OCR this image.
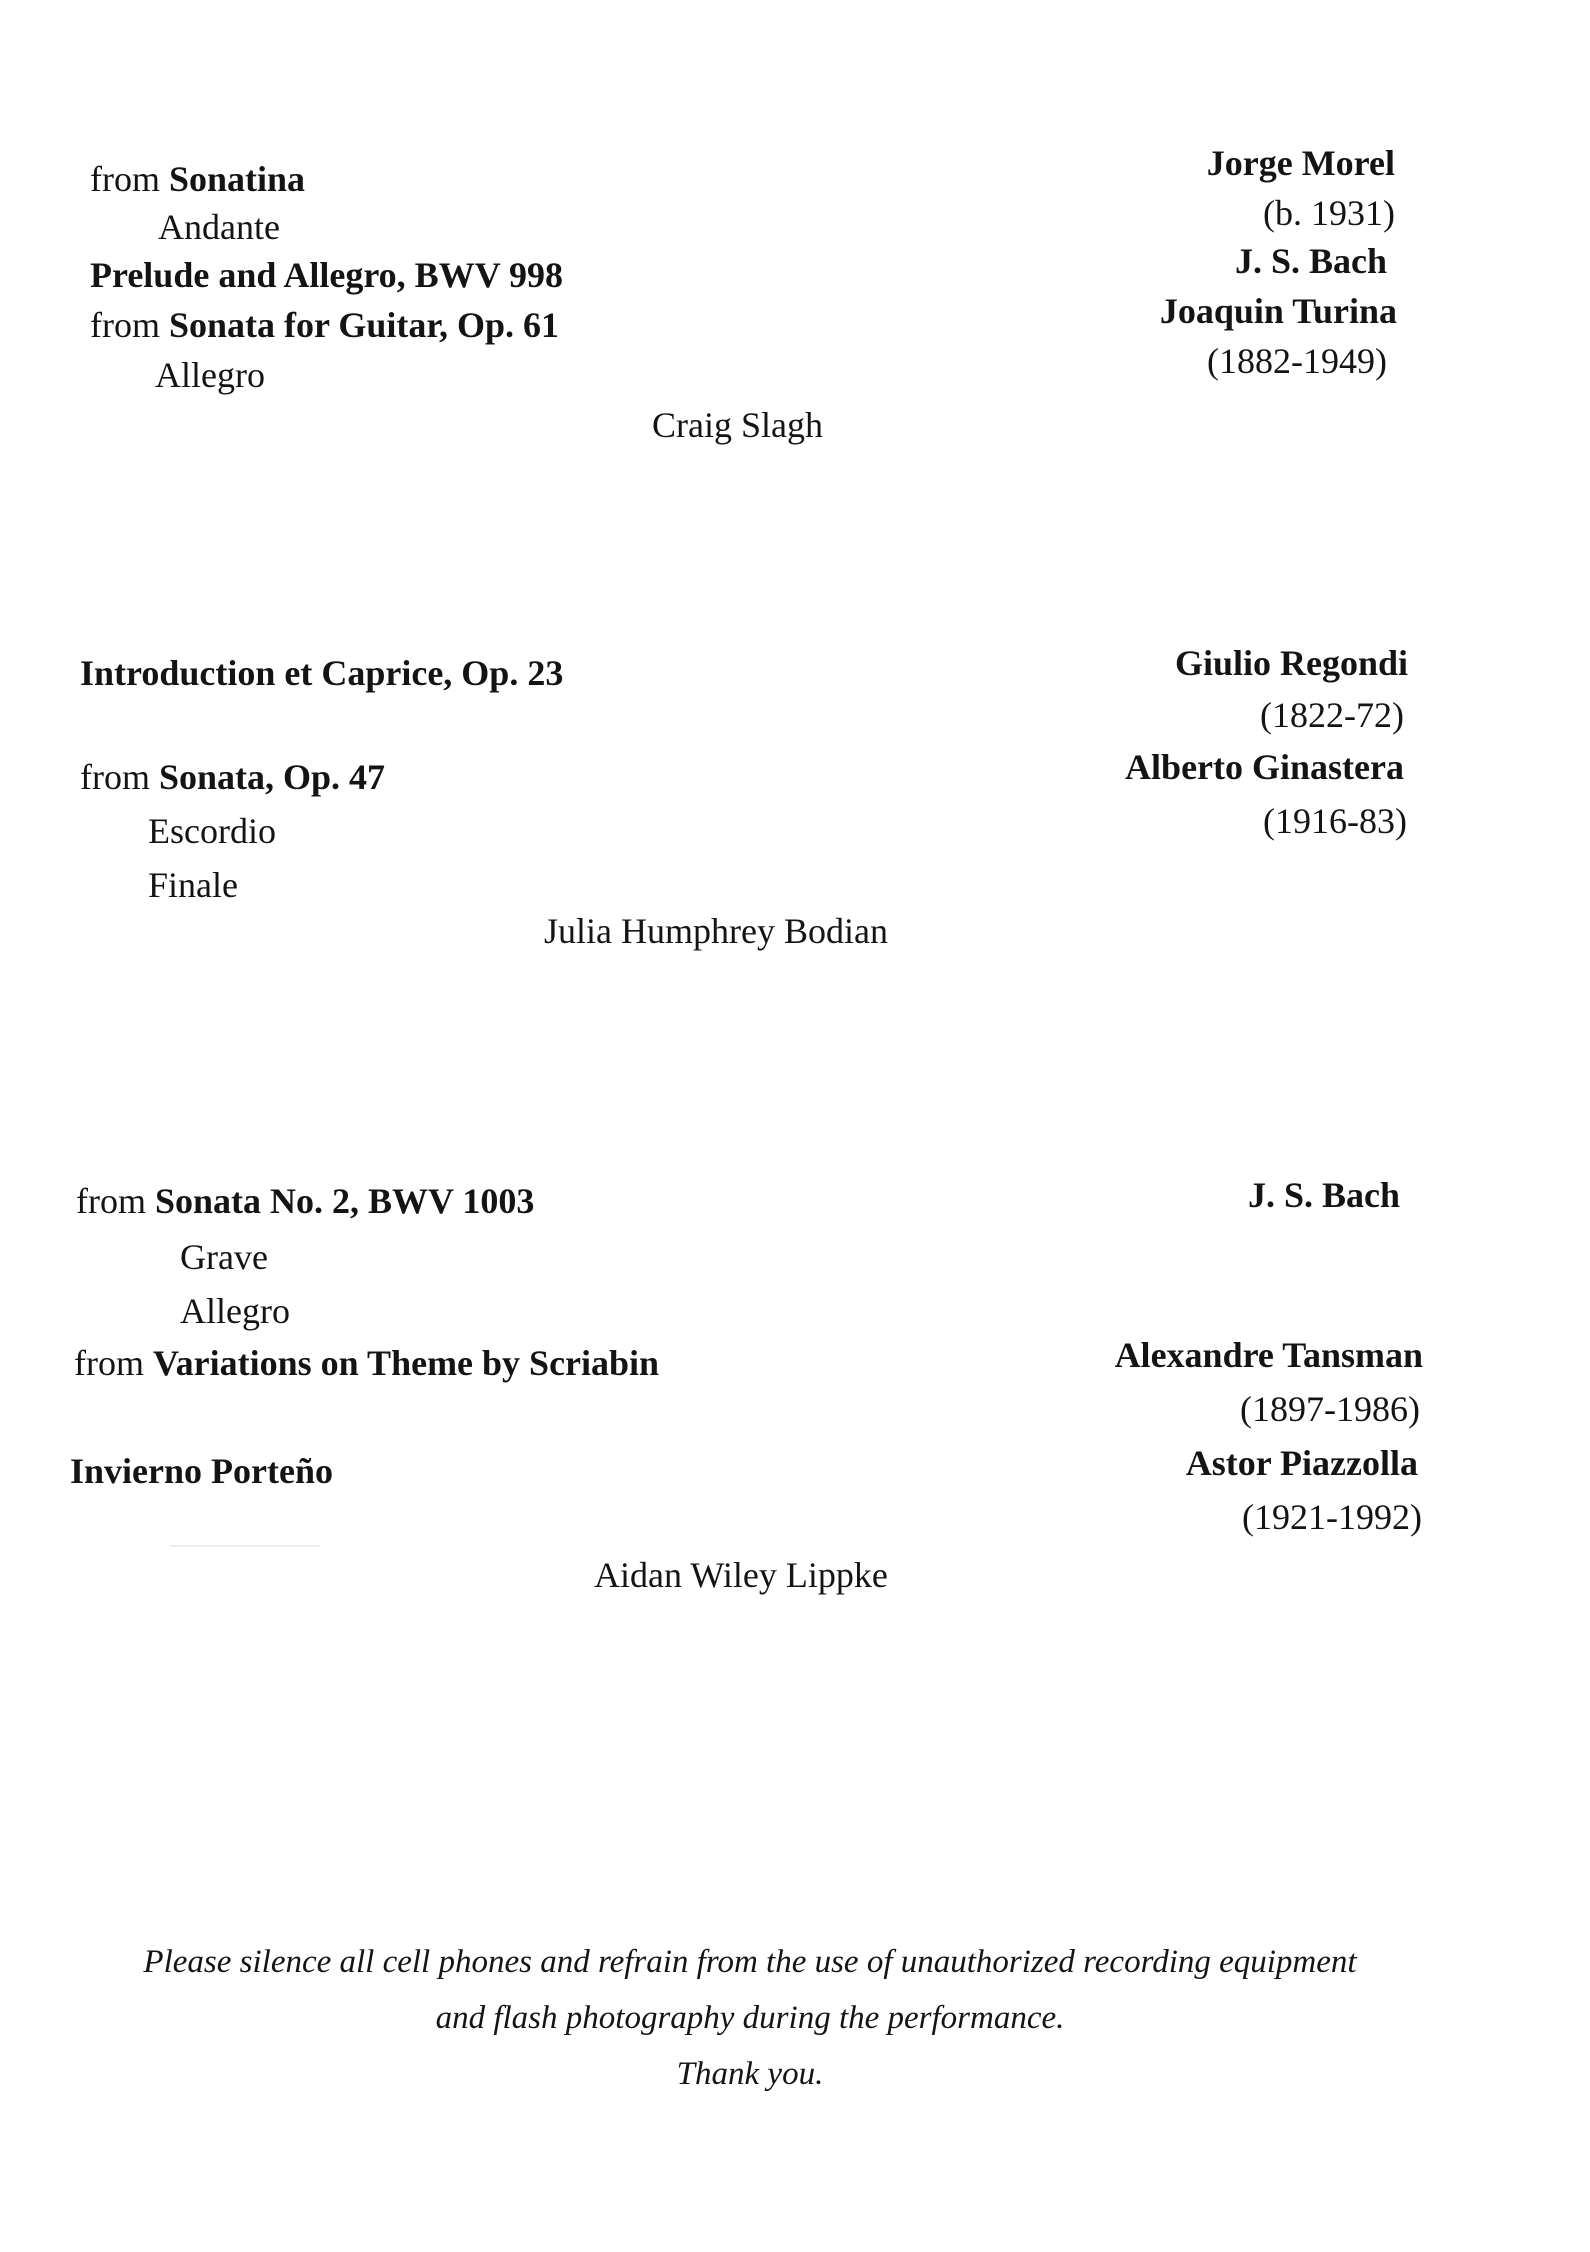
from Sonatina
Andante
Prelude and Allegro, BWV 998
from Sonata for Guitar, Op. 61
Allegro
Jorge Morel
(b. 1931)
J. S. Bach
Joaquin Turina
(1882-1949)
Craig Slagh
Introduction et Caprice, Op. 23
from Sonata, Op. 47
Escordio
Finale
Giulio Regondi
(1822-72)
Alberto Ginastera
(1916-83)
Julia Humphrey Bodian
from Sonata No. 2, BWV 1003
Grave
Allegro
from Variations on Theme by Scriabin
Invierno Porteño
J. S. Bach
Alexandre Tansman
(1897-1986)
Astor Piazzolla
(1921-1992)
Aidan Wiley Lippke
Please silence all cell phones and refrain from the use of unauthorized recording equipment
and flash photography during the performance.
Thank you.
